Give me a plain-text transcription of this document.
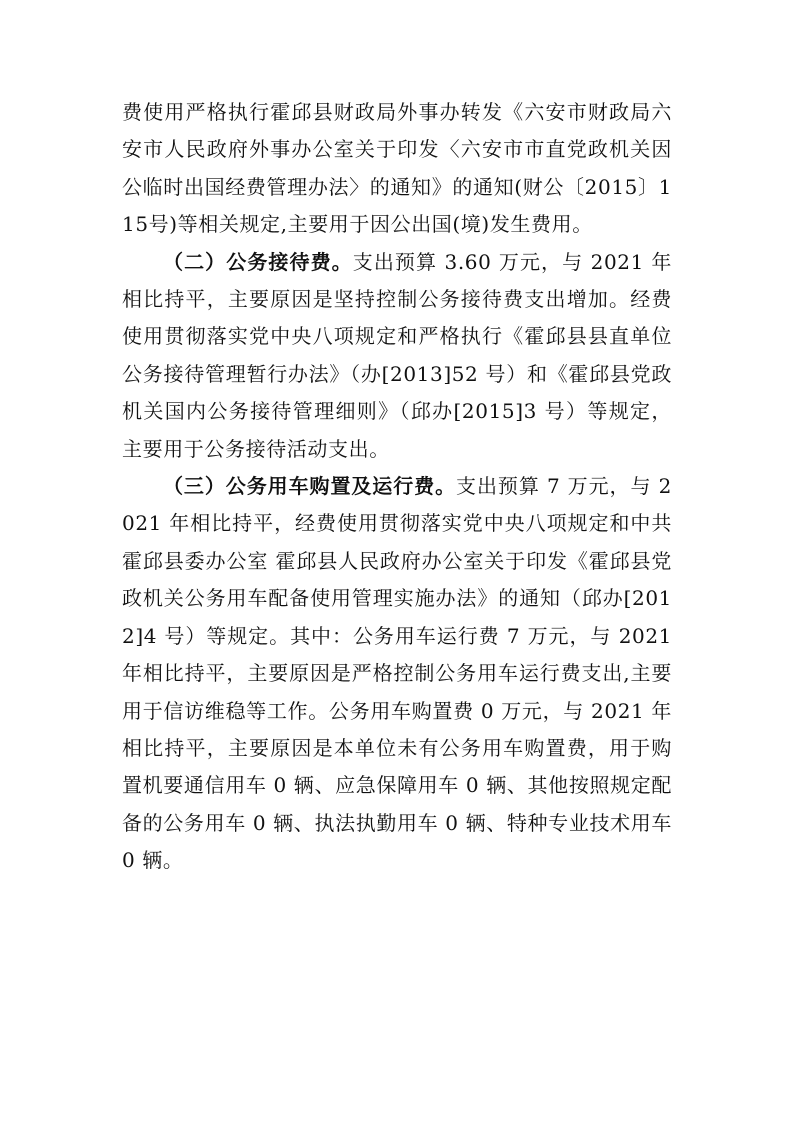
费使用严格执行霍邱县财政局外事办转发《六安市财政局六安市人民政府外事办公室关于印发〈六安市市直党政机关因公临时出国经费管理办法〉的通知》的通知(财公〔2015〕115号)等相关规定,主要用于因公出国(境)发生费用。

（二）公务接待费。支出预算 3.60 万元，与 2021 年相比持平，主要原因是坚持控制公务接待费支出增加。经费使用贯彻落实党中央八项规定和严格执行《霍邱县县直单位公务接待管理暂行办法》（办[2013]52 号）和《霍邱县党政机关国内公务接待管理细则》（邱办[2015]3 号）等规定，主要用于公务接待活动支出。

（三）公务用车购置及运行费。支出预算 7 万元，与 2021 年相比持平，经费使用贯彻落实党中央八项规定和中共霍邱县委办公室 霍邱县人民政府办公室关于印发《霍邱县党政机关公务用车配备使用管理实施办法》的通知（邱办[2012]4 号）等规定。其中：公务用车运行费 7 万元，与 2021 年相比持平，主要原因是严格控制公务用车运行费支出,主要用于信访维稳等工作。公务用车购置费 0 万元，与 2021 年相比持平，主要原因是本单位未有公务用车购置费，用于购置机要通信用车 0 辆、应急保障用车 0 辆、其他按照规定配备的公务用车 0 辆、执法执勤用车 0 辆、特种专业技术用车 0 辆。
